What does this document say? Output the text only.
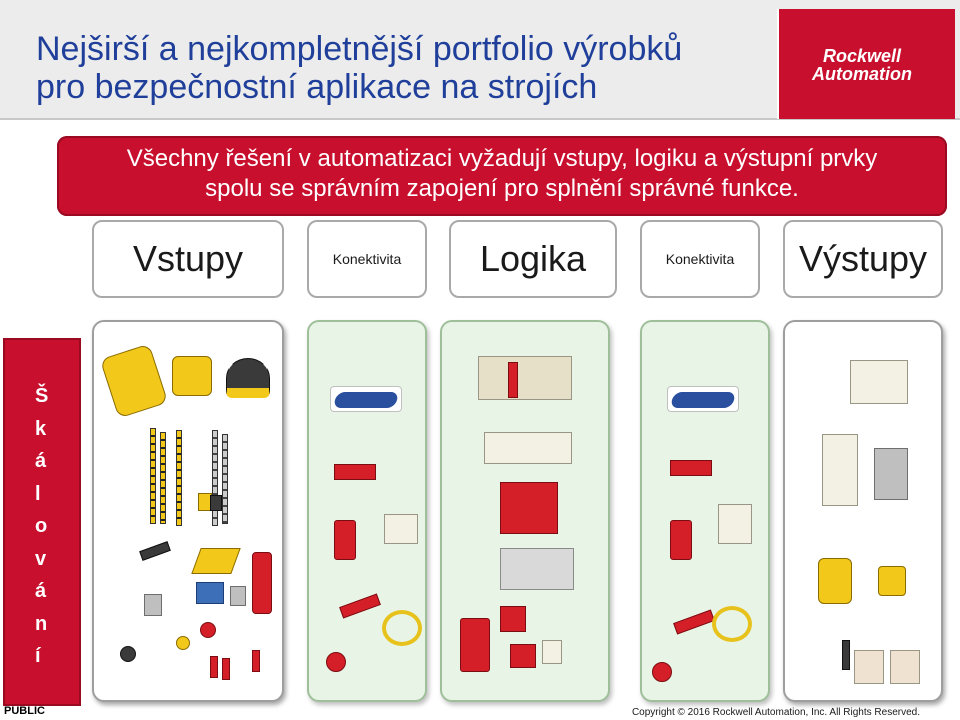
Nejširší a nejkompletnější portfolio výrobků
pro bezpečnostní aplikace na strojích
Rockwell
Automation
Všechny řešení v automatizaci vyžadují vstupy, logiku a výstupní prvky
spolu se správním zapojení pro splnění správné funkce.
Vstupy	Konektivita	Logika	Konektivita	Výstupy
Š
k
á
l
o
v
á
n
í
PUBLIC	Copyright © 2016 Rockwell Automation, Inc. All Rights Reserved.
